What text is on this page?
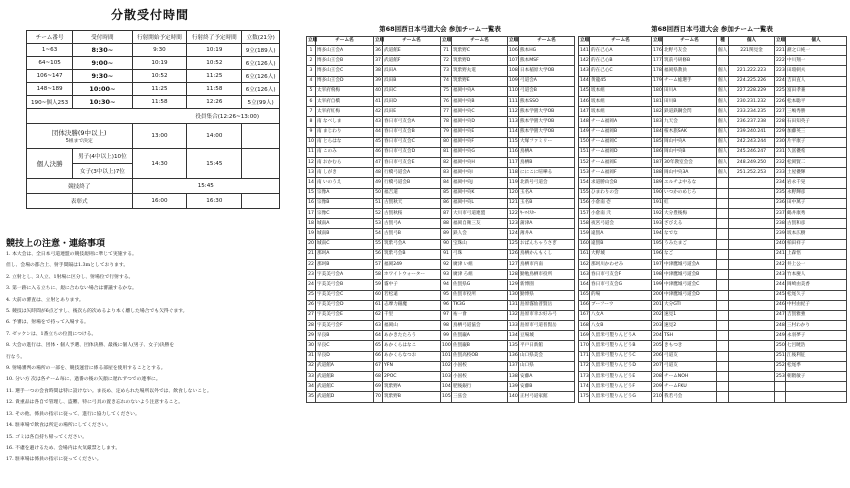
分散受付時間
チーム番号	受付時間	行射開始予定時間	行射終了予定時間	立数(21分)
1~63	8:30~	9:30	10:19	9立(189人)
64~105	9:00~	10:19	10:52	6立(126人)
106~147	9:30~	10:52	11:25	6立(126人)
148~189	10:00~	11:25	11:58	6立(126人)
190~個人253	10:30~	11:58	12:26	5立(99人)
役員集合(12:26~13:00)				

団体決勝(9中以上)
5組まで決定		13:00	14:00	
個人決勝	男子(4中以上)10位	14:30	15:45	
	女子(3中以上)7位			
競技終了		15:45		
表彰式		16:00	16:30	
競技上の注意・連絡事項
1. 本大会は、全日本弓道連盟の競技規則に準じて実施する。
但し、会場の都合上、射手間隔は1.3mとしております。
2. 立射とし、3人立、1射場に区分し、射場位で行射する。
3. 第一跡に入る立ちに、規に合わない場合は審議するかな。
4. 大前の審査は、立射とあります。
5. 競技は矢時間が6点どすし、後次ら的次めるより本く離した場合でも欠得ぐます。
6. 予審は、射場をで持って入場する。
7. ゼッケンは、1番立ちの位置につける。
8. 大会の進行は、団体・個人予選、団体決勝、最後に個人(男子、女子)決勝を
行なう。
9. 射場審判の場所の一部を、競技運営に係る部屋を使用することとする。
10. 分い方 次は各チーム毎に、過番の後の矢顔に遅れずつでの連事に。
11. 選手一つの会食時間は特に設けない。ま長め、定められた場所以外では、飲食しないこと。
12. 貴重品は各自で管理し、盗難、特に弓具の置き忘れのないよう注意すること。
13. その他、係員の指示に従って、進行に協力してください。
14. 駐車場で飲食は所定の場所にしてください。
15. ゴミは各自持ち帰ってください。
16. 不慮を避けるため、会場内は火気厳禁とします。
17. 駐車場は係員の指示に従ってください。
第68回西日本弓道大会 参加チーム一覧表
立順	チーム名	立順	チーム名	立順	チーム名	立順	チーム名
1	博多山王会A	36	武道館E	71	筑紫野C	106	熊本HG
2	博多山王会B	37	武道館F	72	筑紫野D	107	熊本MSF
3	博多山王会C	38	浜田A	73	筑紫野丸電	108	日本稲原大学OB
4	博多山王会D	39	浜田B	74	筑紫野E	109	弓道会A
5	太宰府飛梅	40	浜田C	75	福岡中央A	110	弓道会B
6	太宰府自橋	41	浜田D	76	福岡中央B	111	熊本SSO
7	太宰府紅梅	42	浜田E	77	福岡中央C	112	熊本学園大学OB
8	南 なべしま	43	春日市弓友会A	78	福岡中央D	113	熊本学園大学OB
9	南 まじわり	44	春日市弓友会B	79	福岡中央E	114	熊本学園大学OB
10	南 とらはな	45	春日市弓友会C	80	福岡中央F	115	大塚ファミリー
11	南 このみ	46	春日市弓友会D	81	福岡中央G	116	鳥栖A
12	南 おかむら	47	春日市弓友会E	82	福岡中央H	117	鳥栖B
13	南 しがき	48	行橋弓道会A	83	福岡中央I	118	ににこに喧嘩る
14	南 いのうえ	49	行橋弓道会B	84	福岡中央J	119	北新号弓道会
15	宗像A	50	福吉道	85	福岡中央K	120	玉名A
16	宗像B	51	古賀秋天	86	福岡中央L	121	玉名B
17	宗像C	52	古賀秋桜	87	大川市弓道連盟	122	ｷｰﾏｲｽﾀｰ
18	城南A	53	古賀弓A	88	福岡自衛三友	123	蒲津A
19	城南B	54	古賀弓B	89	鉄人会	124	薄井A
20	城南C	55	筑紫弓会A	90	宝珠山	125	おばんちゃうさぎ
21	那珂A	56	筑紫弓会B	91	弓珠	126	鳥栖かんもくし
22	那珂B	57	福岡249	92	廣津 い組	127	鳥栖市内南
23	宇美美弓会A	58	ホワイトウォーター	93	廣津 ろ組	128	勤勉鳥栖市役所
24	宇美美弓会B	59	霧中子	94	佐賀県G	129	新博園
25	宇美美弓会C	60	若松遠	95	佐賀市役所	130	勤博県
26	宇美美弓会D	61	志摩力銀魔	96	TK3G	131	島原霧仙普賢岳
27	宇美美弓会E	62	千里	97	祐一會	132	島原市幸お好み弓
28	宇美美弓会F	63	福岡山	98	鳥栖弓道協会	133	島原市弓道普賢岳
29	早良B	64	あかきたたろう	99	佐賀巌A	134	豆場城
30	早良C	65	あかくらはなこ	100	佐賀巌B	135	平戸日新館
31	早良D	66	あかくらなつお	101	佐賀高校OB	136	山口県美会
32	武道館A	67	YFN	102	小国校	137	山口県
33	武道館B	68	2POC	103	小国校	138	安藤A
34	武道館C	69	筑紫野A	104	肥後銀行	139	安藤B
35	武道館D	70	筑紫野B	105	三弦会	140	正村弓道家館
第68回西日本弓道大会 参加チーム一覧表
立順	チーム名	立順	チーム名	種	個人	立順	個人
141	的在己心A	176	北野弓友会	個人	221関見金	221	濯之口純一
142	的在己心B	177	筑前弓研修B			222	中川翔一
143	的在己心C	178	福岡県教員	個人	221.222.223	223	田環刺夫
144	黄龍45	179	チーム総選手	個人	224.225.226	224	吉田直人
145	坂本組	180	田川A	個人	227.228.229	225	富田孝兼
146	坂本組	181	田川B	個人	230.231.232	226	松本聡平
147	坂本組	182	鉄道鉄鋼会閃	個人	233.234.235	227	三嶋秀勝
148	チーム福岡A	183	九天会	個人	236.237.238	228	石田知英子
149	チーム福岡B	184	桜木旅SAK	個人	239.240.241	229	加藤英三
150	チーム福岡C	185	岡山中央A	個人	242.243.244	230	片平康子
151	チーム福岡D	186	岡山中央B	個人	245.246.247	231	久富優希
152	チーム福岡E	187	30年教室会会	個人	248.249.250	232	松岡賢二
153	チーム福岡F	188	岡山中央3A	個人	251.252.253	233	土屋優輝
154	求道勝山会B	189	ユルチよ中るな			234	岩永千晃
155	ひまわりの会	190	いつかのめじろ			235	永野輝彦
156	小倉南 壱	191	紅			236	田中萬子
157	小倉南 弐	192	大分豊後梅			237	鶴井康秀
158	夜宮弓道会	193	ざびえる			238	古賀和彦
159	遠賀A	194	なでな			239	坂本広樹
160	遠賀B	195	うみたまご			240	柏田祥子
161	大野城	196	なご			241	上森悟
162	那珂川かわせみ	197	中津鷹城弓道会A			242	井上公一
163	春日市弓友会F	198	中津鷹城弓道会B			243	竹本慶人
164	春日市弓友会G	199	中津鷹城弓道会C			244	岡崎由美香
165	的場	200	中津鷹城弓道会D			245	松尾久子
166	ブーフーウ	201	大分GTI			246	中村由紀子
167	八女A	202	速見1			247	吉賀雅強
168	八女B	203	速見2			248	三村わかり
169	久留米弓製りんどうA	204	TSH			249	永羽夢子
170	久留米弓製りんどうB	205	きもつき			250	七呂暁浩
171	久留米弓製りんどうC	206	弓道友			251	江後利征
172	久留米弓製りんどうD	207	弓道友			252	松尾季
173	久留米弓製りんどうE	208	チームNOH			253	朝隈敏子
174	久留米弓製りんどうF	209	チームFKU				
175	久留米弓製りんどうG	210	我若弓会				
